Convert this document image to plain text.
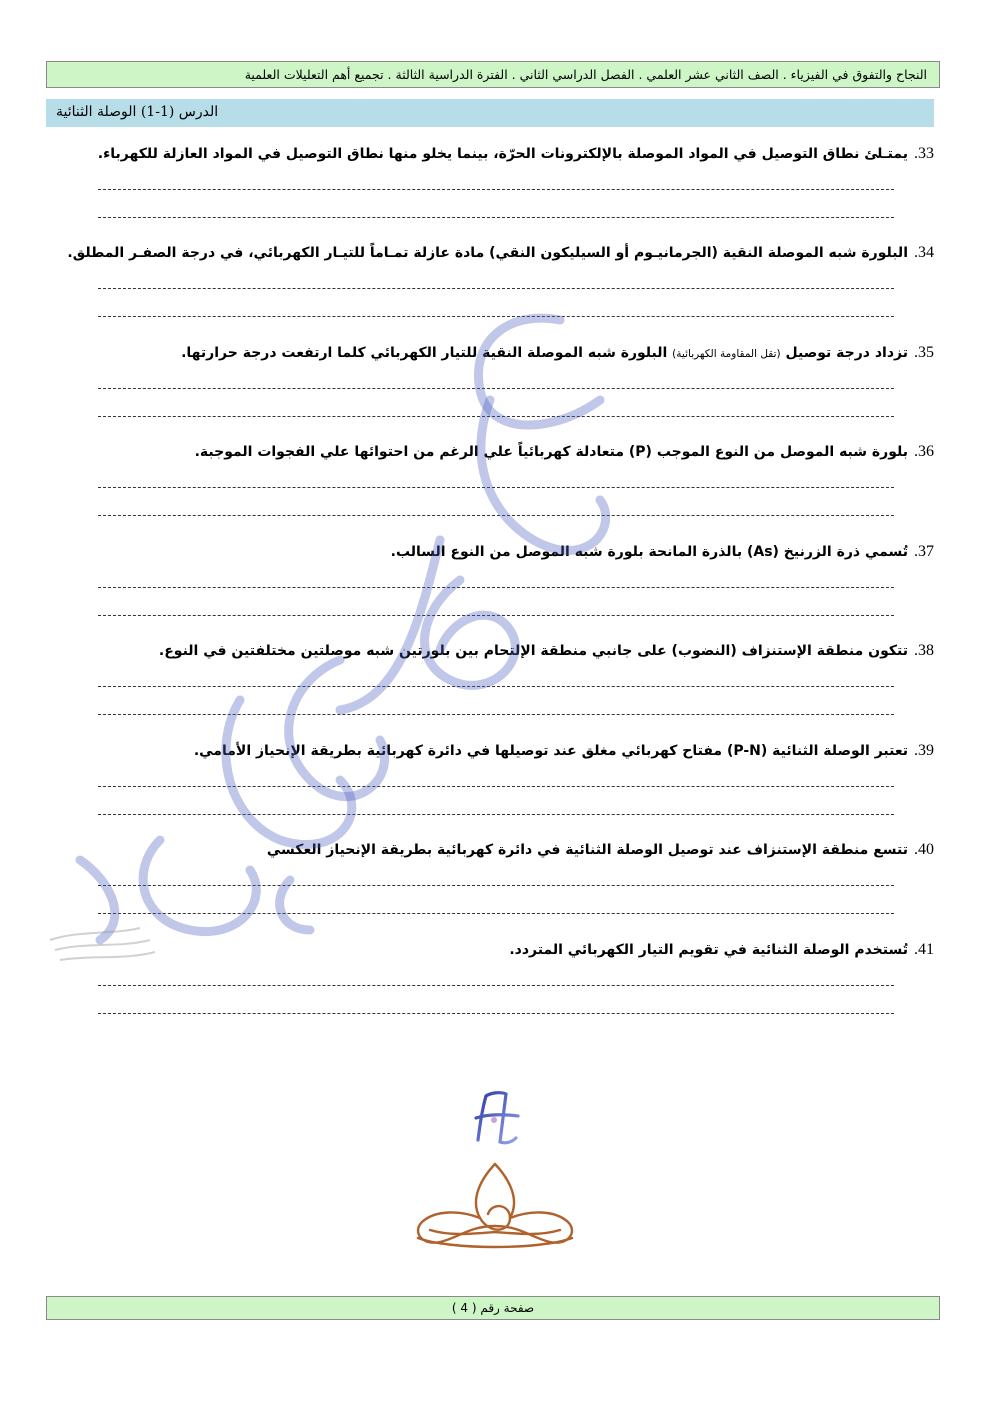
النجاح والتفوق في الفيزياء . الصف الثاني عشر العلمي . الفصل الدراسي الثاني . الفترة الدراسية الثالثة . تجميع أهم التعليلات العلمية
الدرس (1-1) الوصلة الثنائية
33.يمتـلئ نطاق التوصيل في المواد الموصلة بالإلكترونات الحرّة، بينما يخلو منها نطاق التوصيل في المواد العازلة للكهرباء.
34.البلورة شبه الموصلة النقية (الجرمانيـوم أو السيليكون النقي) مادة عازلة تمـاماً للتيـار الكهربائي، في درجة الصفـر المطلق.
35.تزداد درجة توصيل (تقل المقاومة الكهربائية) البلورة شبه الموصلة النقية للتيار الكهربائي كلما ارتفعت درجة حرارتها.
36.بلورة شبه الموصل من النوع الموجب (P) متعادلة كهربائياً علي الرغم من احتوائها علي الفجوات الموجبة.
37.تُسمي ذرة الزرنيخ (As) بالذرة المانحة بلورة شبه الموصل من النوع السالب.
38.تتكون منطقة الإستنزاف (النضوب) على جانبي منطقة الإلتحام بين بلورتين شبه موصلتين مختلفتين في النوع.
39.تعتبر الوصلة الثنائية (P-N) مفتاح كهربائي مغلق عند توصيلها في دائرة كهربائية بطريقة الإنحياز الأمامي.
40.تتسع منطقة الإستنزاف عند توصيل الوصلة الثنائية في دائرة كهربائية بطريقة الإنحياز العكسي
41.تُستخدم الوصلة الثنائية في تقويم التيار الكهربائي المتردد.
صفحة رقم ( 4 )
